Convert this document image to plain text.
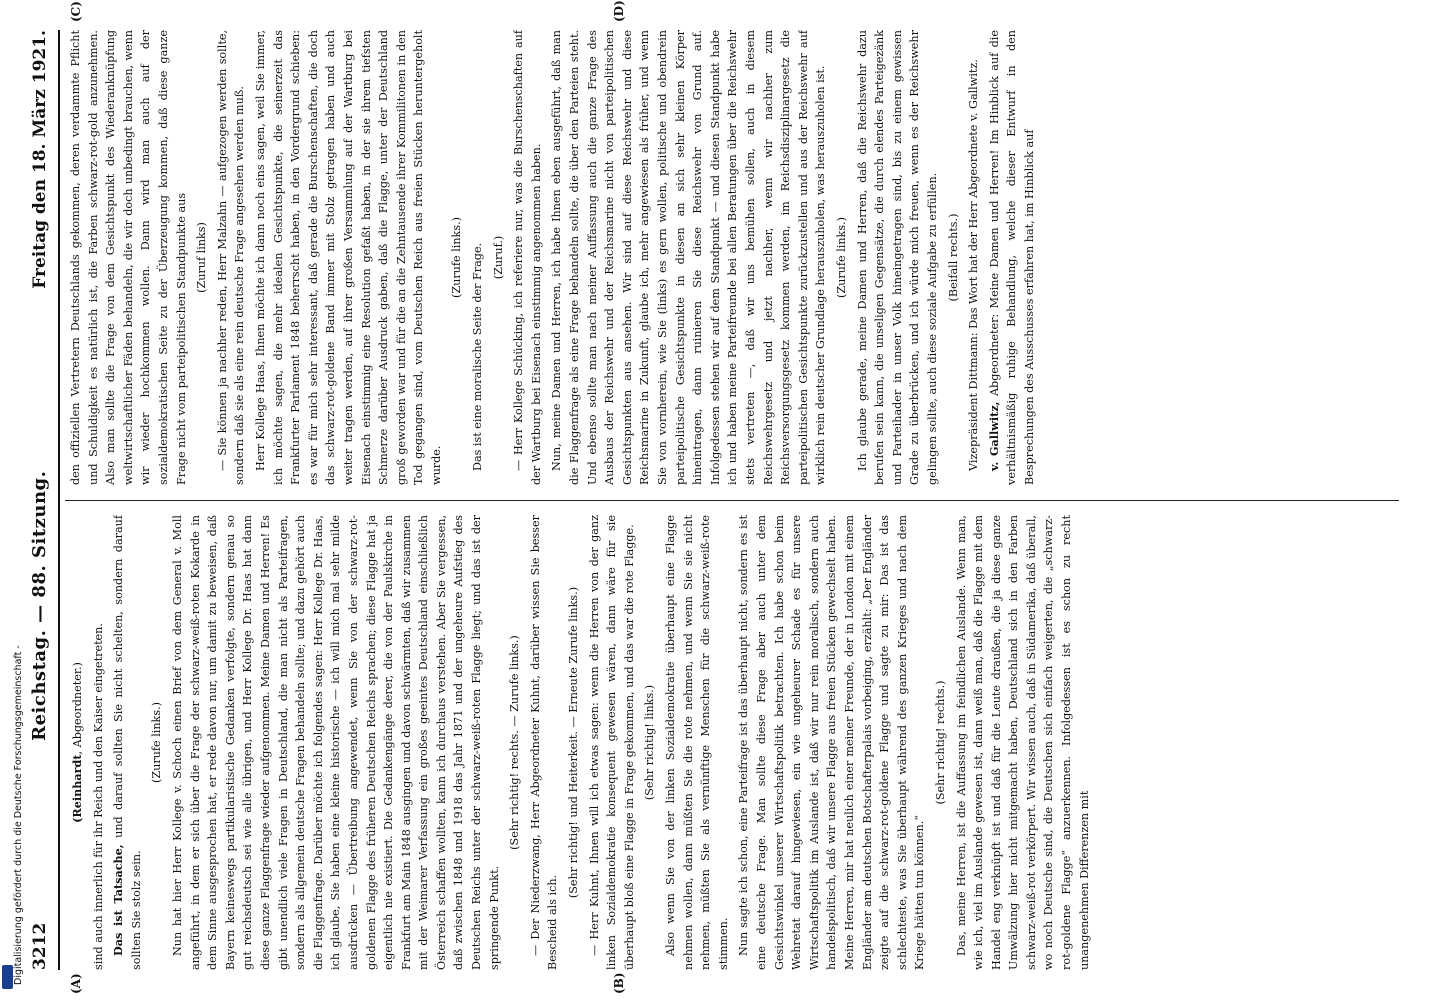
3212
Reichstag. — 88. Sitzung.
Freitag den 18. März 1921.
(A)	(B)
(C)	(D)

(Reinhardt, Abgeordneter.) sind auch innerlich für ihr Reich und den Kaiser eingetreten. Das ist Tatsache, und darauf sollten Sie nicht schelten, sondern darauf sollten Sie stolz sein.

(Zurufe links.) Nun hat hier Herr Kollege v. Schoch einen Brief von dem General v. Moll angeführt, in dem er sich über die Frage der schwarz-weiß-roten Kokarde in dem Sinne ausgesprochen hat, er rede davon nur, um damit zu beweisen, daß Bayern keineswegs partikularistische Gedanken verfolgte, sondern genau so gut reichsdeutsch sei wie alle übrigen, und Herr Kollege Dr. Haas hat dann diese ganze Flaggenfrage wieder aufgenommen. Meine Damen und Herren! Es gibt unendlich viele Fragen in Deutschland, die man nicht als Parteifragen, sondern als allgemein deutsche Fragen behandeln sollte; und dazu gehört auch die Flaggenfrage. Darüber möchte ich folgendes sagen: Herr Kollege Dr. Haas, ich glaube, Sie haben eine kleine historische — ich will mich mal sehr milde ausdrücken — Übertreibung angewendet, wenn Sie von der schwarz-rot-goldenen Flagge des früheren Deutschen Reichs sprachen; diese Flagge hat ja eigentlich nie existiert. Die Gedankengänge derer, die von der Paulskirche in Frankfurt am Main 1848 ausgingen und davon schwärmten, daß wir zusammen mit der Weimarer Verfassung ein großes geeintes Deutschland einschließlich Österreich schaffen wollten, kann ich durchaus verstehen. Aber Sie vergessen, daß zwischen 1848 und 1918 das Jahr 1871 und der ungeheure Aufstieg des Deutschen Reichs unter der schwarz-weiß-roten Flagge liegt; und das ist der springende Punkt.

(Sehr richtig! rechts. — Zurufe links.) — Der Niederzwang, Herr Abgeordneter Kuhnt, darüber wissen Sie besser Bescheid als ich.

(Sehr richtig! und Heiterkeit. — Erneute Zurufe links.) — Herr Kuhnt, Ihnen will ich etwas sagen: wenn die Herren von der ganz linken Sozialdemokratie konsequent gewesen wären, dann wäre für sie überhaupt bloß eine Flagge in Frage gekommen, und das war die rote Flagge. (Sehr richtig! links.) Also wenn Sie von der linken Sozialdemokratie überhaupt eine Flagge nehmen wollen, dann müßten Sie die rote nehmen, und wenn Sie sie nicht nehmen, müßten Sie als vernünftige Menschen für die schwarz-weiß-rote stimmen. Nun sagte ich schon, eine Parteifrage ist das überhaupt nicht, sondern es ist eine deutsche Frage. Man sollte diese Frage aber auch unter dem Gesichtswinkel unserer Wirtschaftspolitik betrachten. Ich habe schon beim Wehretat darauf hingewiesen, ein wie ungeheurer Schade es für unsere Wirtschaftspolitik im Auslande ist, daß wir nur rein moralisch, sondern auch handelspolitisch, daß wir unsere Flagge aus freien Stücken gewechselt haben. Meine Herren, mir hat neulich einer meiner Freunde, der in London mit einem Engländer am deutschen Botschafterpalais vorbeiging, erzählt: „Der Engländer zeigte auf die schwarz-rot-goldene Flagge und sagte zu mir: Das ist das schlechteste, was Sie überhaupt während des ganzen Krieges und nach dem Kriege hätten tun können.“

(Sehr richtig! rechts.) Das, meine Herren, ist die Auffassung im feindlichen Auslande. Wenn man, wie ich, viel im Auslande gewesen ist, dann weiß man, daß die Flagge mit dem Handel eng verknüpft ist und daß für die Leute draußen, die ja diese ganze Umwälzung hier nicht mitgemacht haben, Deutschland sich in den Farben schwarz-weiß-rot verkörpert. Wir wissen auch, daß in Südamerika, daß überall, wo noch Deutsche sind, die Deutschen sich einfach weigerten, die „schwarz-rot-goldene Flagge“ anzuerkennen. Infolgedessen ist es schon zu recht unangenehmen Differenzen mit

den offiziellen Vertretern Deutschlands gekommen, deren verdammte Pflicht und Schuldigkeit es natürlich ist, die Farben schwarz-rot-gold anzunehmen. Also man sollte die Frage von dem Gesichtspunkt des Wiederanknüpfung weltwirtschaftlicher Fäden behandeln, die wir doch unbedingt brauchen, wenn wir wieder hochkommen wollen. Dann wird man auch auf der sozialdemokratischen Seite zu der Überzeugung kommen, daß diese ganze Frage nicht vom parteipolitischen Standpunkte aus (Zuruf links) — Sie können ja nachher reden, Herr Malzahn — aufgezogen werden sollte, sondern daß sie als eine rein deutsche Frage angesehen werden muß. Herr Kollege Haas, Ihnen möchte ich dann noch eins sagen, weil Sie immer, ich möchte sagen, die mehr idealen Gesichtspunkte, die seinerzeit das Frankfurter Parlament 1848 beherrscht haben, in den Vordergrund schieben: es war für mich sehr interessant, daß gerade die Burschenschaften, die doch das schwarz-rot-goldene Band immer mit Stolz getragen haben und auch weiter tragen werden, auf ihrer großen Versammlung auf der Wartburg bei Eisenach einstimmig eine Resolution gefaßt haben, in der sie ihrem tiefsten Schmerze darüber Ausdruck gaben, daß die Flagge, unter der Deutschland groß geworden war und für die an die Zehntausende ihrer Kommilitonen in den Tod gegangen sind, vom Deutschen Reich aus freien Stücken heruntergeholt wurde.

(Zurufe links.) Das ist eine moralische Seite der Frage. (Zuruf.) — Herr Kollege Schücking, ich referiere nur, was die Burschenschaften auf der Wartburg bei Eisenach einstimmig angenommen haben. Nun, meine Damen und Herren, ich habe Ihnen eben ausgeführt, daß man die Flaggenfrage als eine Frage behandeln sollte, die über den Parteien steht. Und ebenso sollte man nach meiner Auffassung auch die ganze Frage des Ausbaus der Reichswehr und der Reichsmarine nicht von parteipolitischen Gesichtspunkten aus ansehen. Wir sind auf diese Reichswehr und diese Reichsmarine in Zukunft, glaube ich, mehr angewiesen als früher, und wenn Sie von vornherein, wie Sie (links) es gern wollen, politische und obendrein parteipolitische Gesichtspunkte in diesen an sich sehr kleinen Körper hineintragen, dann ruinieren Sie diese Reichswehr von Grund auf. Infolgedessen stehen wir auf dem Standpunkt — und diesen Standpunkt habe ich und haben meine Parteifreunde bei allen Beratungen über die Reichswehr stets vertreten —, daß wir uns bemühen sollen, auch in diesem Reichswehrgesetz und jetzt nachher, wenn wir nachher zum Reichsversorgungsgesetz kommen werden, im Reichsdisziplinargesetz die parteipolitischen Gesichtspunkte zurückzustellen und aus der Reichswehr auf wirklich rein deutscher Grundlage herauszuholen, was herauszuholen ist. (Zurufe links.) Ich glaube gerade, meine Damen und Herren, daß die Reichswehr dazu berufen sein kann, die unseligen Gegensätze, die durch elendes Parteigezänk und Parteihader in unser Volk hineingetragen sind, bis zu einem gewissen Grade zu überbrücken, und ich würde mich freuen, wenn es der Reichswehr gelingen sollte, auch diese soziale Aufgabe zu erfüllen. (Beifall rechts.)

Vizepräsident Dittmann: Das Wort hat der Herr Abgeordnete v. Gallwitz.

v. Gallwitz, Abgeordneter: Meine Damen und Herren! Im Hinblick auf die verhältnismäßig ruhige Behandlung, welche dieser Entwurf in den Besprechungen des Ausschusses erfahren hat, im Hinblick auf

Digitalisierung gefördert durch die Deutsche Forschungsgemeinschaft -
